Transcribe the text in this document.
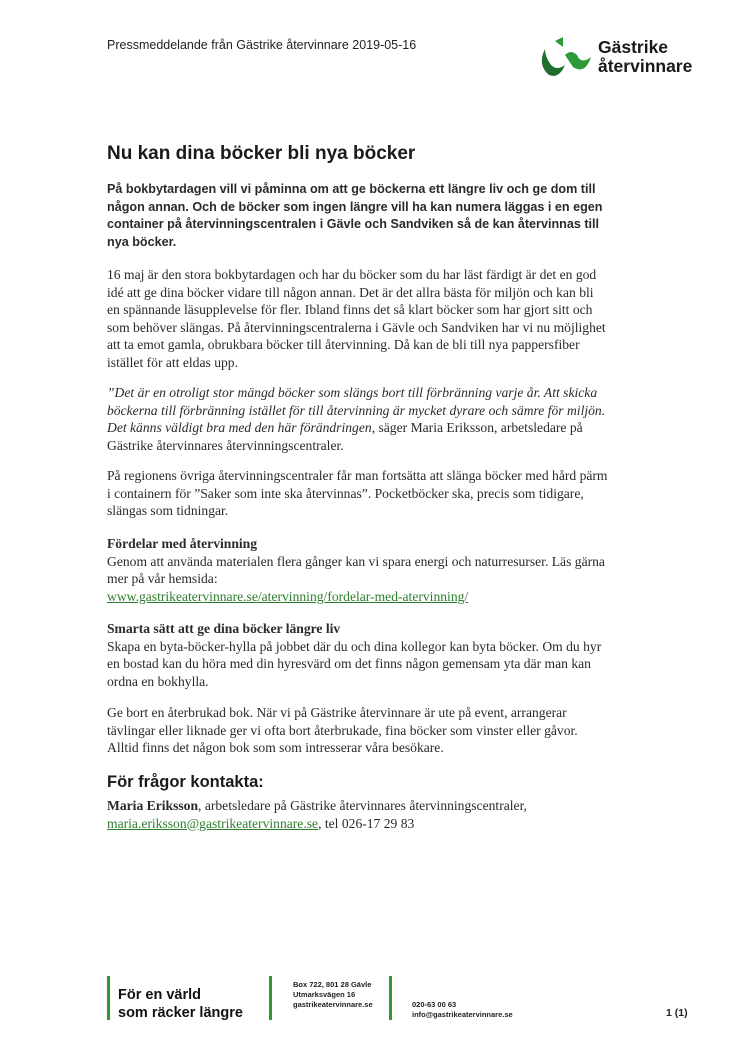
Pressmeddelande från Gästrike återvinnare 2019-05-16	Gästrike
återvinnare
Nu kan dina böcker bli nya böcker
På bokbytardagen vill vi påminna om att ge böckerna ett längre liv och ge dom till någon annan. Och de böcker som ingen längre vill ha kan numera läggas i en egen container på återvinningscentralen i Gävle och Sandviken så de kan återvinnas till nya böcker.
16 maj är den stora bokbytardagen och har du böcker som du har läst färdigt är det en god idé att ge dina böcker vidare till någon annan. Det är det allra bästa för miljön och kan bli en spännande läsupplevelse för fler. Ibland finns det så klart böcker som har gjort sitt och som behöver slängas. På återvinningscentralerna i Gävle och Sandviken har vi nu möjlighet att ta emot gamla, obrukbara böcker till återvinning. Då kan de bli till nya pappersfiber istället för att eldas upp.
”Det är en otroligt stor mängd böcker som slängs bort till förbränning varje år. Att skicka böckerna till förbränning istället för till återvinning är mycket dyrare och sämre för miljön. Det känns väldigt bra med den här förändringen, säger Maria Eriksson, arbetsledare på Gästrike återvinnares återvinningscentraler.
På regionens övriga återvinningscentraler får man fortsätta att slänga böcker med hård pärm i containern för ”Saker som inte ska återvinnas”. Pocketböcker ska, precis som tidigare, slängas som tidningar.
Fördelar med återvinning
Genom att använda materialen flera gånger kan vi spara energi och naturresurser. Läs gärna mer på vår hemsida:
www.gastrikeatervinnare.se/atervinning/fordelar-med-atervinning/
Smarta sätt att ge dina böcker längre liv
Skapa en byta-böcker-hylla på jobbet där du och dina kollegor kan byta böcker. Om du hyr en bostad kan du höra med din hyresvärd om det finns någon gemensam yta där man kan ordna en bokhylla.
Ge bort en återbrukad bok. När vi på Gästrike återvinnare är ute på event, arrangerar tävlingar eller liknade ger vi ofta bort återbrukade, fina böcker som vinster eller gåvor. Alltid finns det någon bok som som intresserar våra besökare.
För frågor kontakta:
Maria Eriksson, arbetsledare på Gästrike återvinnares återvinningscentraler,
maria.eriksson@gastrikeatervinnare.se, tel 026-17 29 83
För en värld
som räcker längre
Box 722, 801 28 Gävle
Utmarksvägen 16
gastrikeatervinnare.se	020-63 00 63
info@gastrikeatervinnare.se	1 (1)
